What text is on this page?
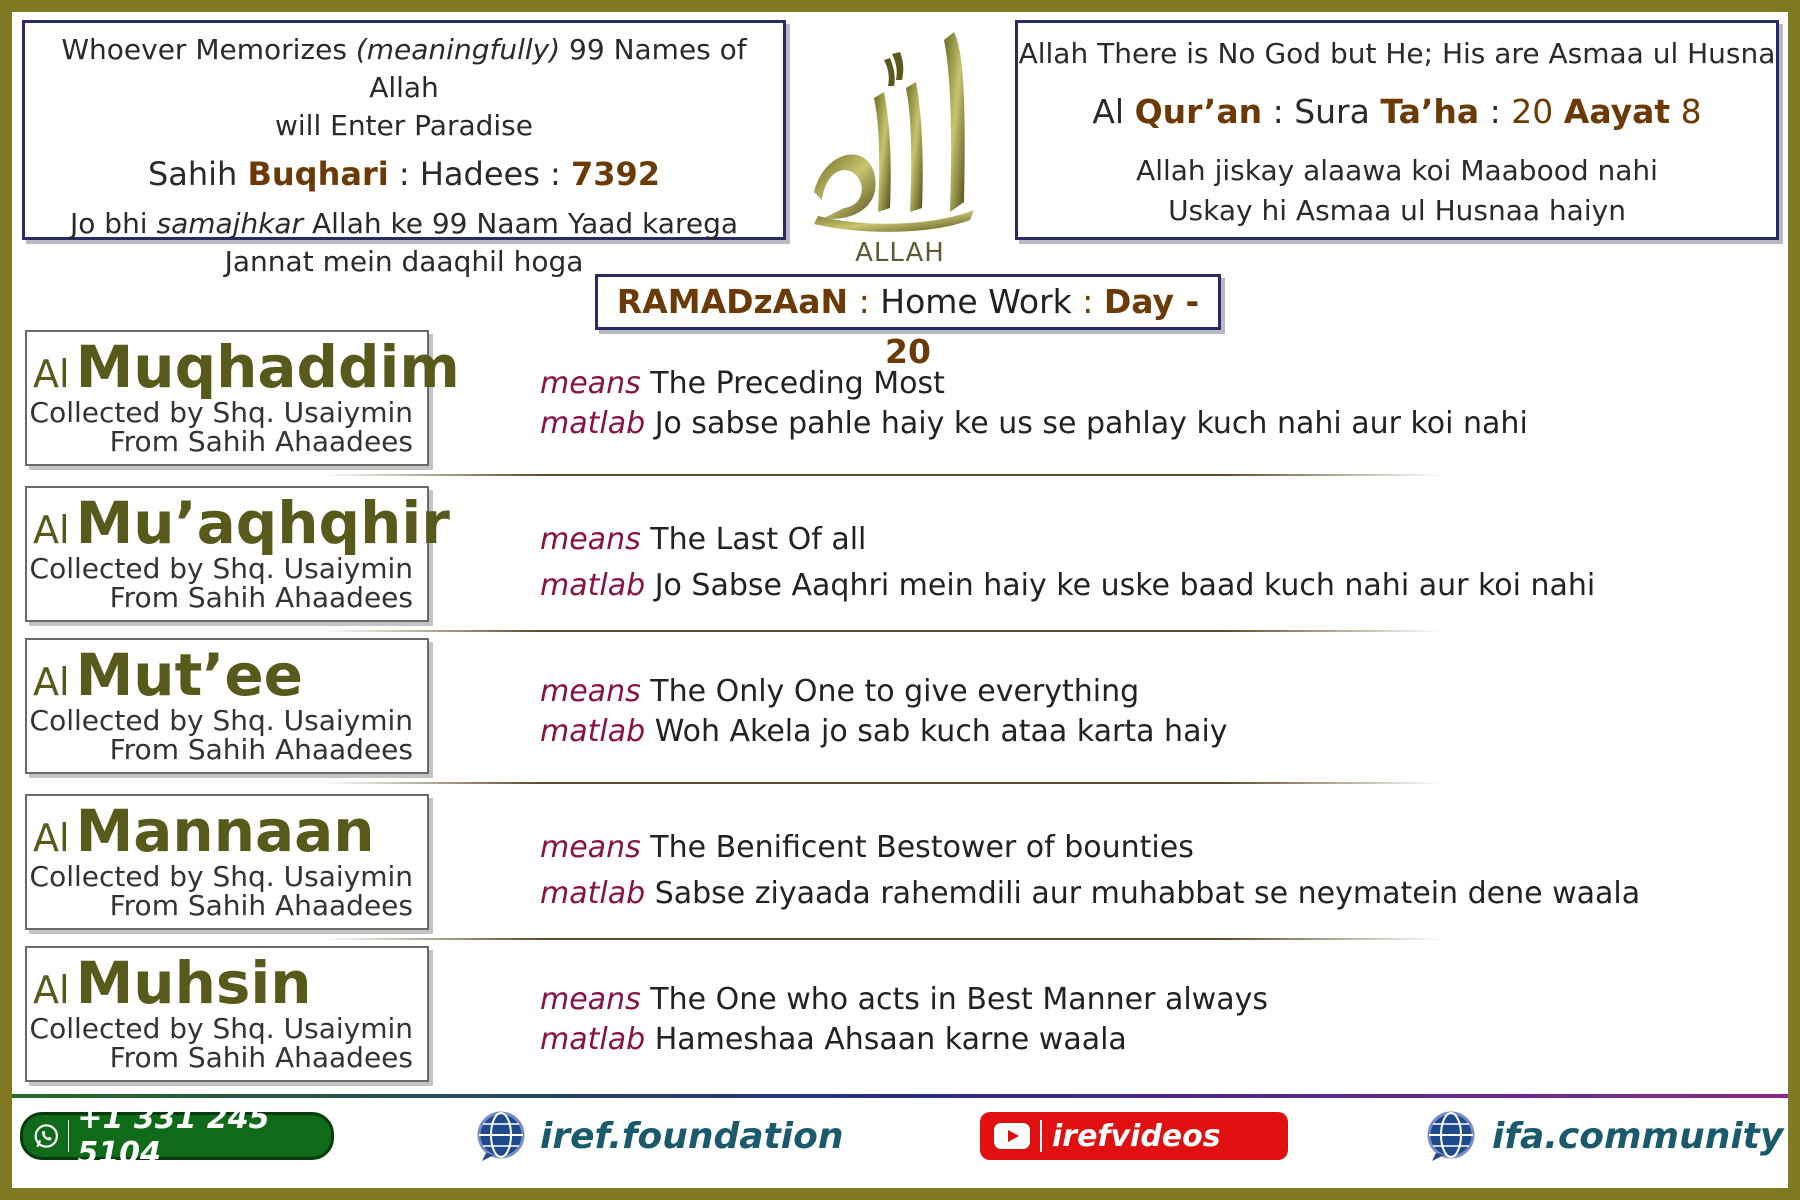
Whoever Memorizes (meaningfully) 99 Names of Allah
will Enter Paradise
Sahih Buqhari : Hadees : 7392
Jo bhi samajhkar Allah ke 99 Naam Yaad karega
Jannat mein daaqhil hoga	ALLAH
Allah There is No God but He; His are Asmaa ul Husna
Al Qur’an : Sura Ta’ha : 20 Aayat 8
Allah jiskay alaawa koi Maabood nahi
Uskay hi Asmaa ul Husnaa haiyn
RAMADzAaN : Home Work : Day - 20
Al Muqhaddim
Collected by Shq. Usaiymin
From Sahih Ahaadees
means The Preceding Most
matlab Jo sabse pahle haiy ke us se pahlay kuch nahi aur koi nahi
Al Mu’aqhqhir
Collected by Shq. Usaiymin
From Sahih Ahaadees
means The Last Of all
matlab Jo Sabse Aaqhri mein haiy ke uske baad kuch nahi aur koi nahi
Al Mut’ee
Collected by Shq. Usaiymin
From Sahih Ahaadees
means The Only One to give everything
matlab Woh Akela jo sab kuch ataa karta haiy
Al Mannaan
Collected by Shq. Usaiymin
From Sahih Ahaadees
means The Benificent Bestower of bounties
matlab Sabse ziyaada rahemdili aur muhabbat se neymatein dene waala
Al Muhsin
Collected by Shq. Usaiymin
From Sahih Ahaadees
means The One who acts in Best Manner always
matlab Hameshaa Ahsaan karne waala
+1 331 245 5104	iref.foundation	irefvideos	ifa.community
